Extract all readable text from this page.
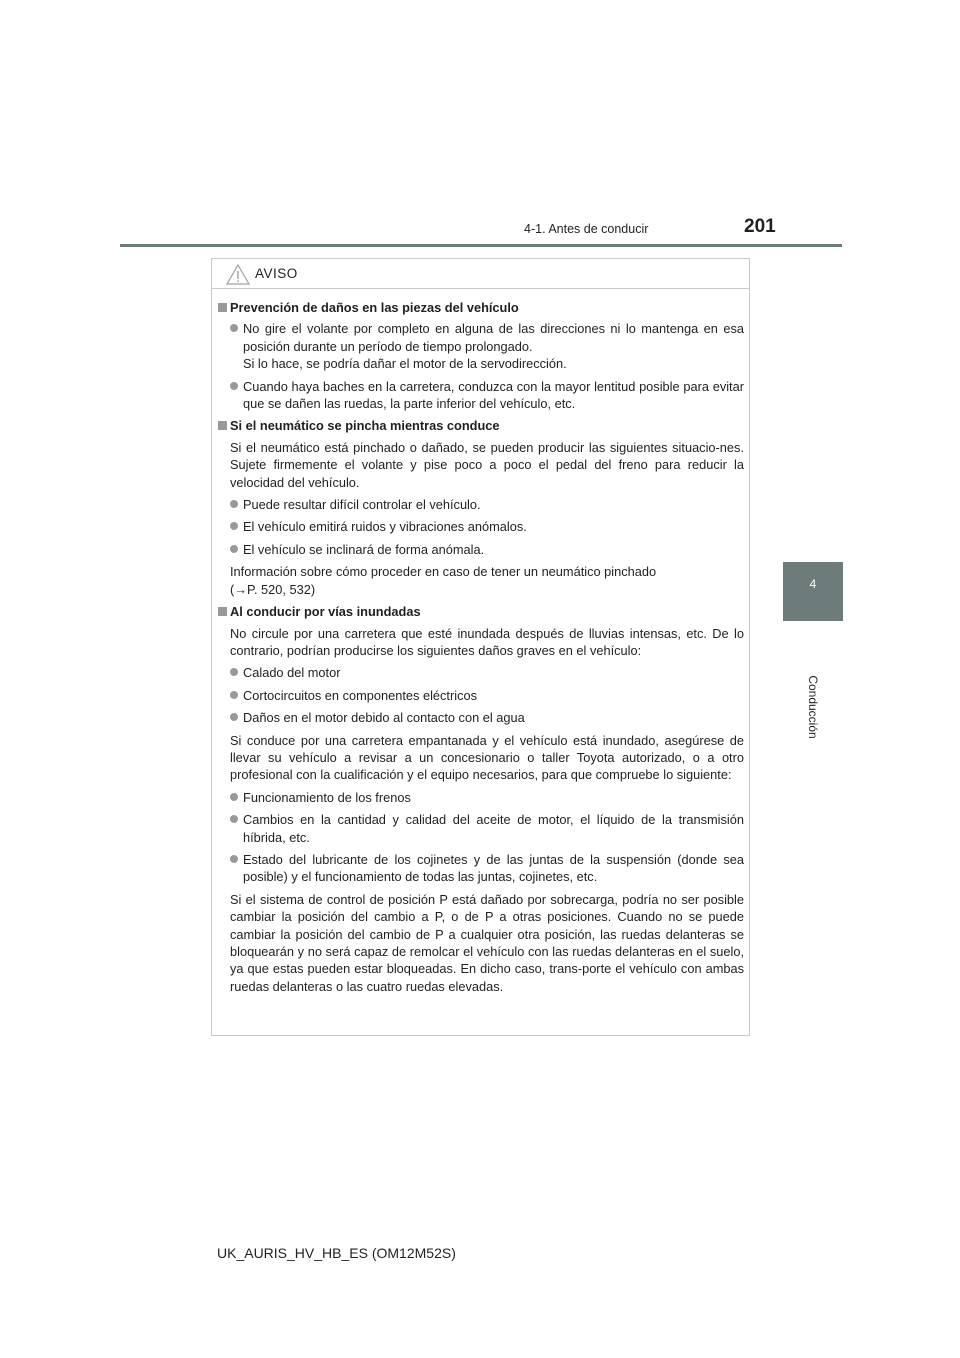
4-1. Antes de conducir	201
4
Conducción
AVISO
Prevención de daños en las piezas del vehículo
No gire el volante por completo en alguna de las direcciones ni lo mantenga en esa posición durante un período de tiempo prolongado.
Si lo hace, se podría dañar el motor de la servodirección.
Cuando haya baches en la carretera, conduzca con la mayor lentitud posible para evitar que se dañen las ruedas, la parte inferior del vehículo, etc.
Si el neumático se pincha mientras conduce
Si el neumático está pinchado o dañado, se pueden producir las siguientes situacio-nes. Sujete firmemente el volante y pise poco a poco el pedal del freno para reducir la velocidad del vehículo.
Puede resultar difícil controlar el vehículo.
El vehículo emitirá ruidos y vibraciones anómalos.
El vehículo se inclinará de forma anómala.
Información sobre cómo proceder en caso de tener un neumático pinchado
(→P. 520, 532)
Al conducir por vías inundadas
No circule por una carretera que esté inundada después de lluvias intensas, etc. De lo contrario, podrían producirse los siguientes daños graves en el vehículo:
Calado del motor
Cortocircuitos en componentes eléctricos
Daños en el motor debido al contacto con el agua
Si conduce por una carretera empantanada y el vehículo está inundado, asegúrese de llevar su vehículo a revisar a un concesionario o taller Toyota autorizado, o a otro profesional con la cualificación y el equipo necesarios, para que compruebe lo siguiente:
Funcionamiento de los frenos
Cambios en la cantidad y calidad del aceite de motor, el líquido de la transmisión híbrida, etc.
Estado del lubricante de los cojinetes y de las juntas de la suspensión (donde sea posible) y el funcionamiento de todas las juntas, cojinetes, etc.
Si el sistema de control de posición P está dañado por sobrecarga, podría no ser posible cambiar la posición del cambio a P, o de P a otras posiciones. Cuando no se puede cambiar la posición del cambio de P a cualquier otra posición, las ruedas delanteras se bloquearán y no será capaz de remolcar el vehículo con las ruedas delanteras en el suelo, ya que estas pueden estar bloqueadas. En dicho caso, trans-porte el vehículo con ambas ruedas delanteras o las cuatro ruedas elevadas.
UK_AURIS_HV_HB_ES (OM12M52S)
